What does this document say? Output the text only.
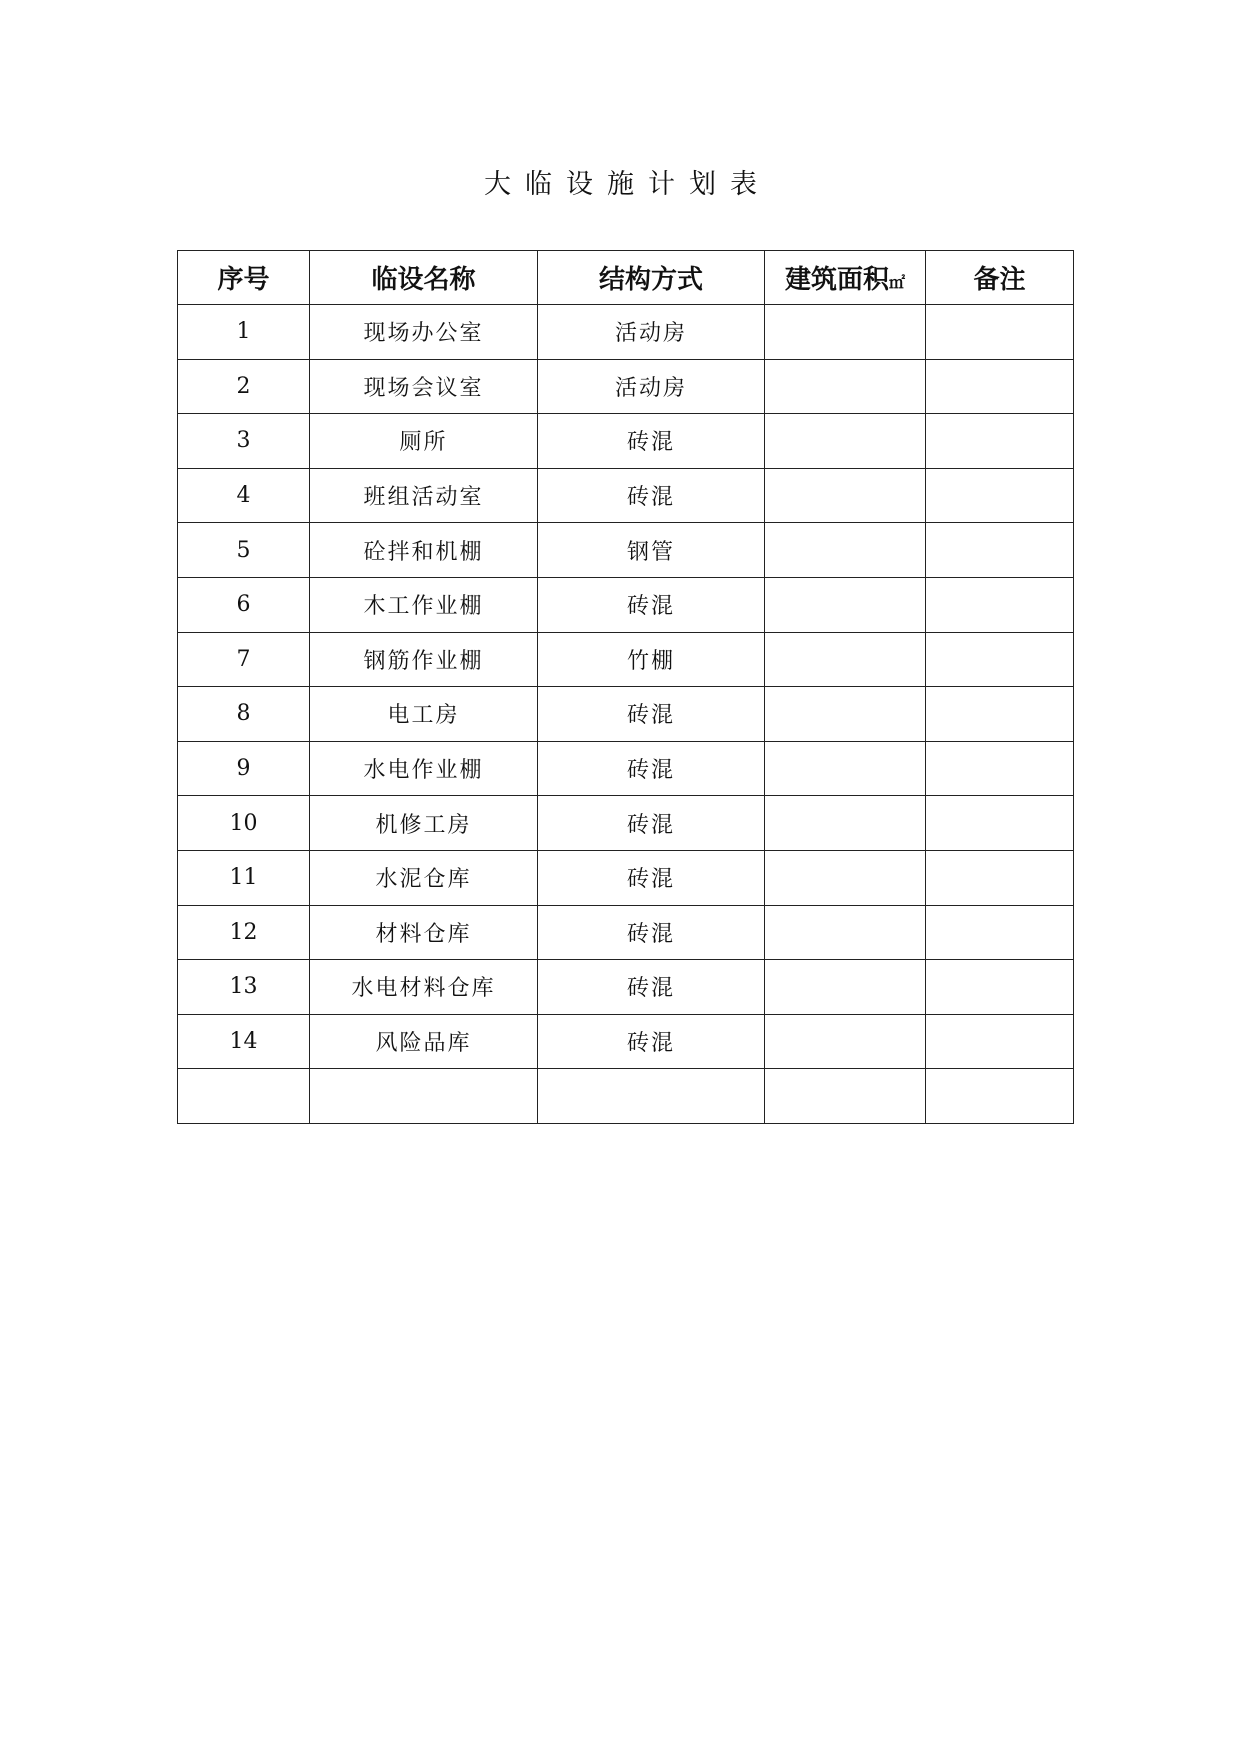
大临设施计划表
序号	临设名称	结构方式	建筑面积㎡	备注
1	现场办公室	活动房		
2	现场会议室	活动房		
3	厕所	砖混		
4	班组活动室	砖混		
5	砼拌和机棚	钢管		
6	木工作业棚	砖混		
7	钢筋作业棚	竹棚		
8	电工房	砖混		
9	水电作业棚	砖混		
10	机修工房	砖混		
11	水泥仓库	砖混		
12	材料仓库	砖混		
13	水电材料仓库	砖混		
14	风险品库	砖混		
